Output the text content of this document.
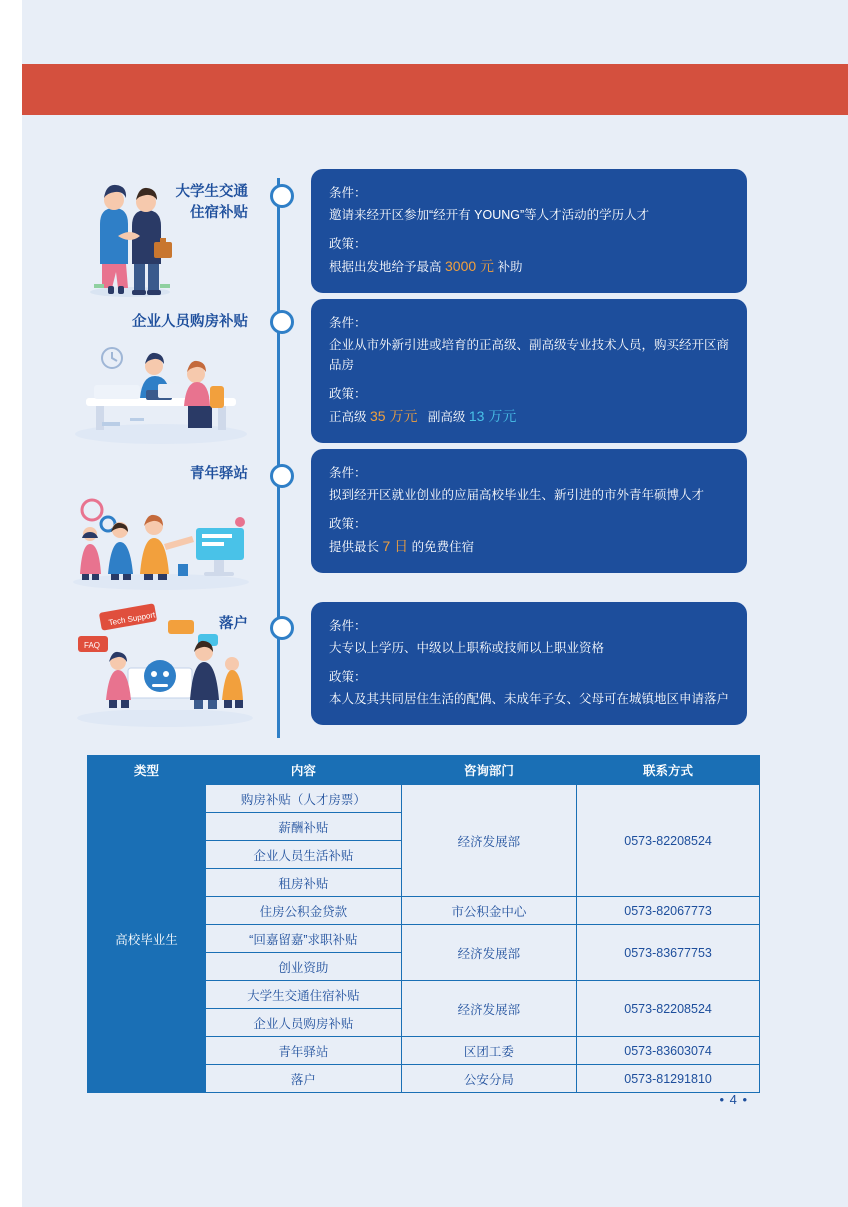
大学生交通
住宿补贴

条件：

邀请来经开区参加“经开有 YOUNG”等人才活动的学历人才

政策：

根据出发地给予最高 3000 元 补助

企业人员购房补贴	条件：

企业从市外新引进或培育的正高级、副高级专业技术人员，购买经开区商品房

政策：

正高级 35 万元 副高级 13 万元

青年驿站	条件：

拟到经开区就业创业的应届高校毕业生、新引进的市外青年硕博人才

政策：

提供最长 7 日 的免费住宿

Tech Support
FAQ
落户	条件：

大专以上学历、中级以上职称或技师以上职业资格

政策：

本人及其共同居住生活的配偶、未成年子女、父母可在城镇地区申请落户

类型	内容	咨询部门	联系方式
高校毕业生	购房补贴（人才房票）	经济发展部	0573-82208524
	薪酬补贴		
	企业人员生活补贴		
	租房补贴		
	住房公积金贷款	市公积金中心	0573-82067773
	“回嘉留嘉”求职补贴	经济发展部	0573-83677753
	创业资助		
	大学生交通住宿补贴	经济发展部	0573-82208524
	企业人员购房补贴		
	青年驿站	区团工委	0573-83603074
	落户	公安分局	0573-81291810
• 4 •
